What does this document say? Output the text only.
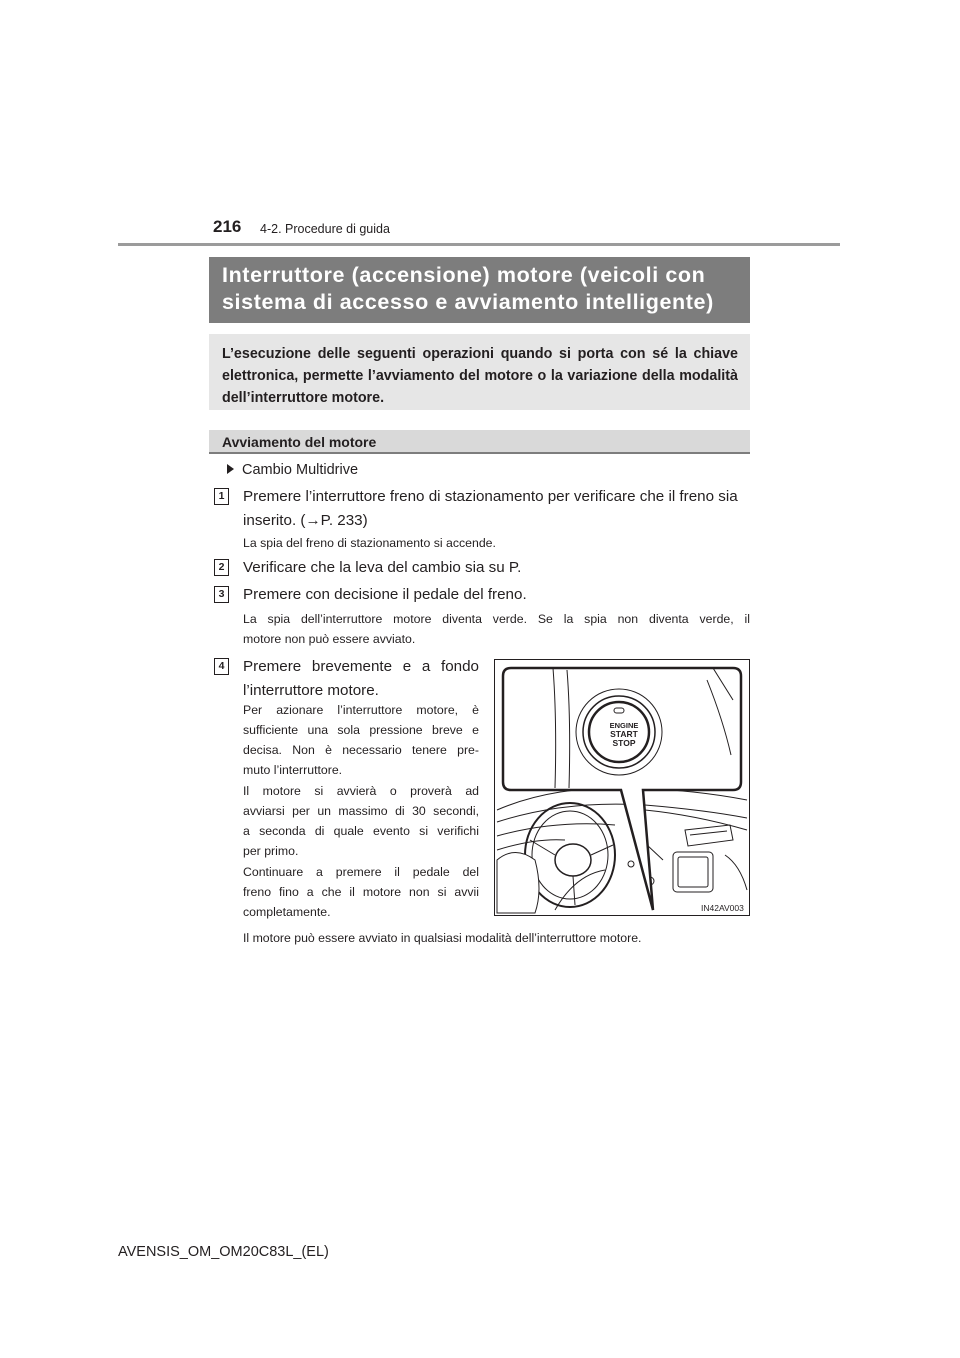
216 4-2. Procedure di guida
Interruttore (accensione) motore (veicoli con
sistema di accesso e avviamento intelligente)
L’esecuzione delle seguenti operazioni quando si porta con sé la chiave elettronica, permette l’avviamento del motore o la variazione della modalità dell’interruttore motore.
Avviamento del motore
Cambio Multidrive
1	Premere l’interruttore freno di stazionamento per verificare che il freno sia
inserito. (→P. 233)
La spia del freno di stazionamento si accende.
2	Verificare che la leva del cambio sia su P.
3	Premere con decisione il pedale del freno.
La spia dell’interruttore motore diventa verde. Se la spia non diventa verde, il
motore non può essere avviato.
4	Premere brevemente e a fondo
l’interruttore motore.
Per azionare l’interruttore motore, è
sufficiente una sola pressione breve e
decisa. Non è necessario tenere pre-
muto l’interruttore.
Il motore si avvierà o proverà ad
avviarsi per un massimo di 30 secondi,
a seconda di quale evento si verifichi
per primo.
Continuare a premere il pedale del
freno fino a che il motore non si avvii
completamente.
Il motore può essere avviato in qualsiasi modalità dell’interruttore motore.
ENGINE
START
STOP
IN42AV003
AVENSIS_OM_OM20C83L_(EL)
